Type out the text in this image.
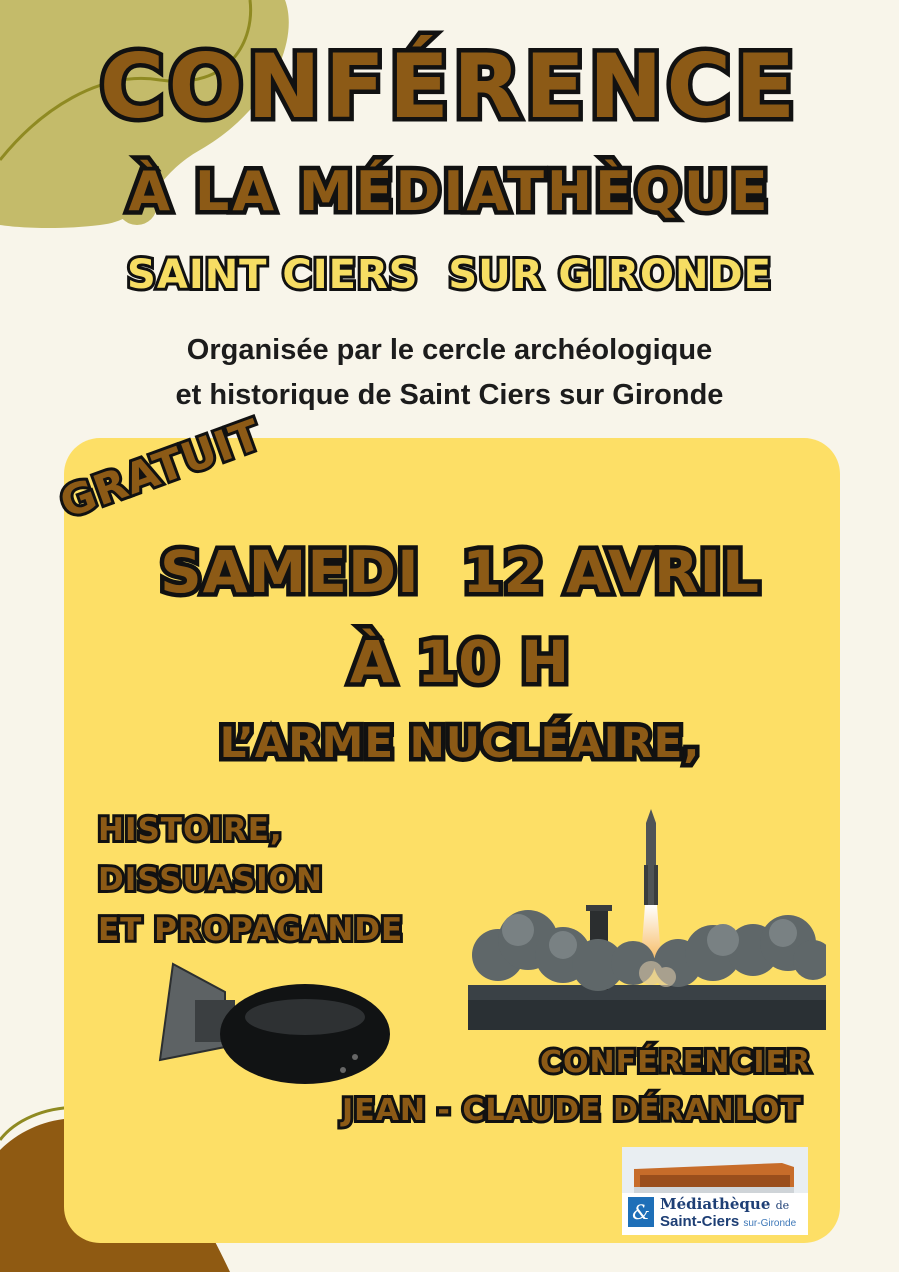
CONFÉRENCE
À LA MÉDIATHÈQUE
SAINT CIERS  SUR GIRONDE
Organisée par le cercle archéologique
et historique de Saint Ciers sur Gironde
GRATUIT
SAMEDI  12 AVRIL
À 10 H
L’ARME NUCLÉAIRE,
HISTOIRE,
DISSUASION
ET PROPAGANDE
CONFÉRENCIER
JEAN - CLAUDE DÉRANLOT
& Médiathèque de
Saint-Ciers sur-Gironde
